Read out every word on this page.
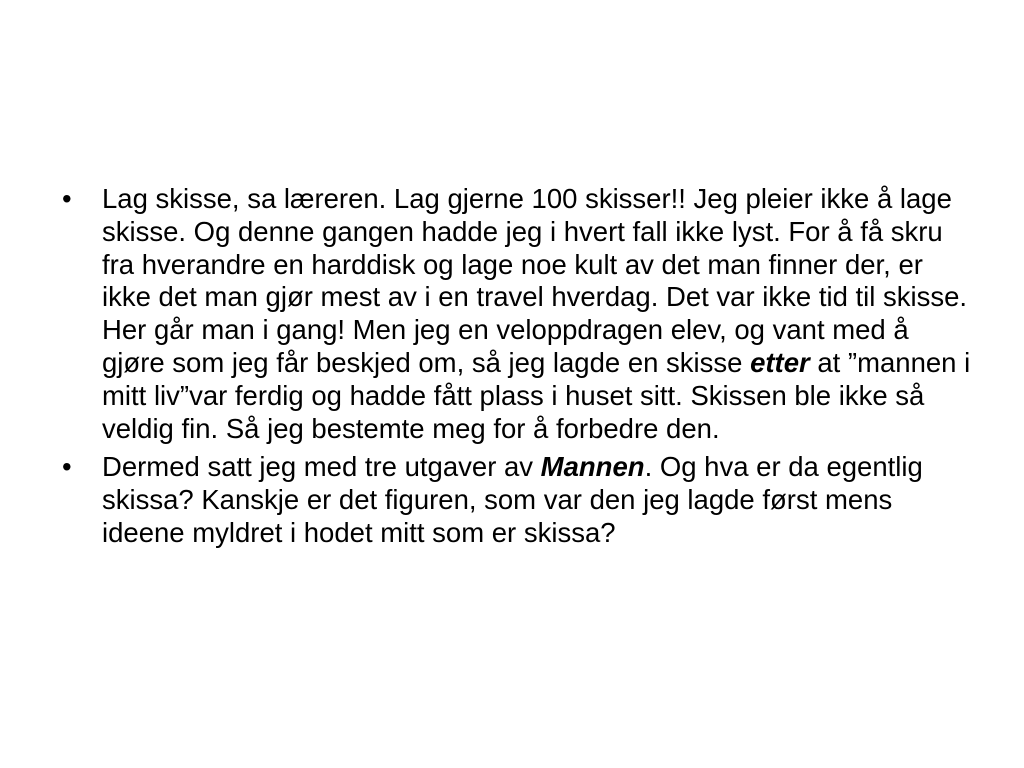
•	Lag skisse, sa læreren. Lag gjerne 100 skisser!! Jeg pleier ikke å lage skisse. Og denne gangen hadde jeg i hvert fall ikke lyst. For å få skru fra hverandre en harddisk og lage noe kult av det man finner der, er ikke det man gjør mest av i en travel hverdag. Det var ikke tid til skisse. Her går man i gang! Men jeg en veloppdragen elev, og vant med å gjøre som jeg får beskjed om, så jeg lagde en skisse etter at ”mannen i mitt liv”var ferdig og hadde fått plass i huset sitt. Skissen ble ikke så veldig fin. Så jeg bestemte meg for å forbedre den.
•	Dermed satt jeg med tre utgaver av Mannen. Og hva er da egentlig skissa? Kanskje er det figuren, som var den jeg lagde først mens ideene myldret i hodet mitt som er skissa?
